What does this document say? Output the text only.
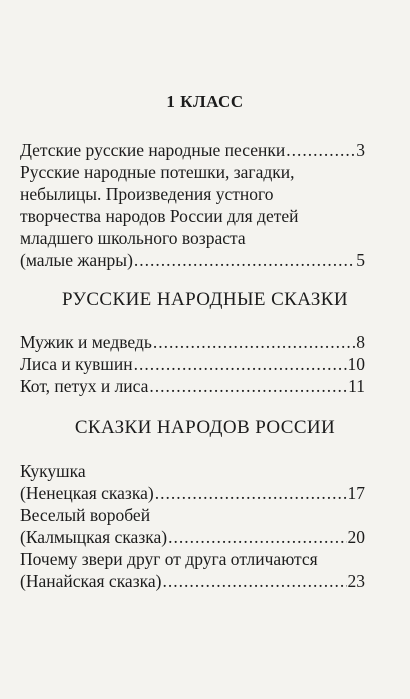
1 КЛАСС
Детские русские народные песенки .....	3
Русские народные потешки, загадки,
небылицы. Произведения устного
творчества народов России для детей
младшего школьного возраста
(малые жанры) .....	5
РУССКИЕ НАРОДНЫЕ СКАЗКИ
Мужик и медведь .....	8
Лиса и кувшин .....	10
Кот, петух и лиса .....	11
СКАЗКИ НАРОДОВ РОССИИ
Кукушка
(Ненецкая сказка) .....	17
Веселый воробей
(Калмыцкая сказка) .....	20
Почему звери друг от друга отличаются
(Нанайская сказка) .....	23
